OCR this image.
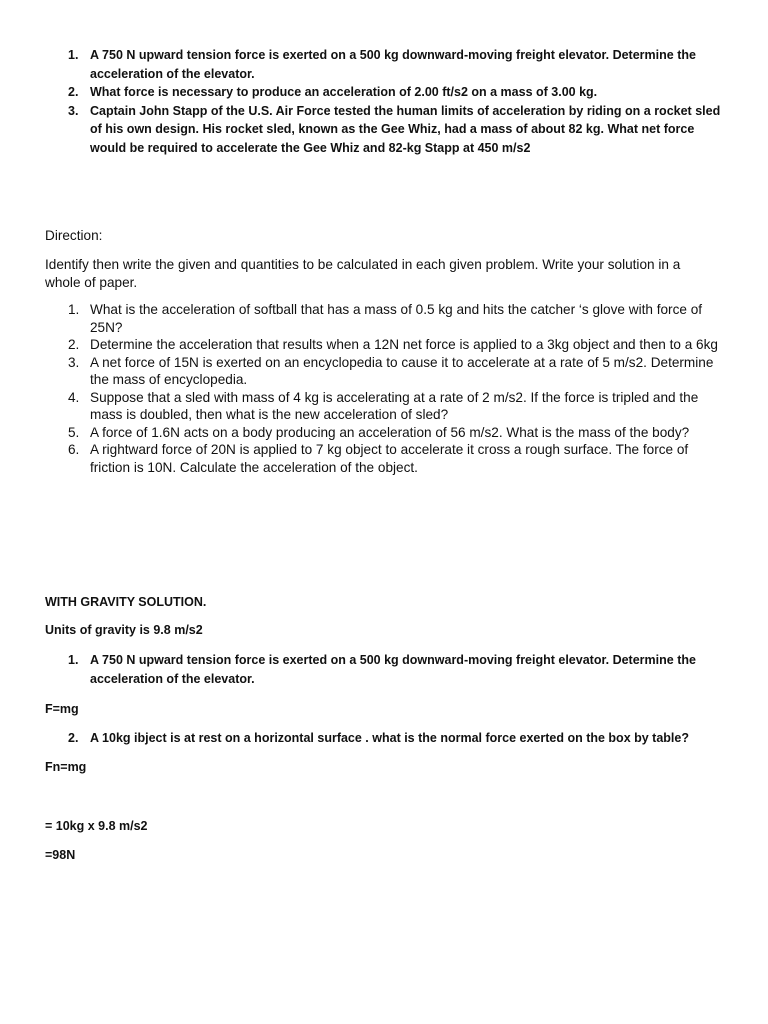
1. A 750 N upward tension force is exerted on a 500 kg downward-moving freight elevator. Determine the acceleration of the elevator.
2. What force is necessary to produce an acceleration of 2.00 ft/s2 on a mass of 3.00 kg.
3. Captain John Stapp of the U.S. Air Force tested the human limits of acceleration by riding on a rocket sled of his own design. His rocket sled, known as the Gee Whiz, had a mass of about 82 kg. What net force would be required to accelerate the Gee Whiz and 82-kg Stapp at 450 m/s2
Direction:
Identify then write the given and quantities to be calculated in each given problem. Write your solution in a whole of paper.
1. What is the acceleration of softball that has a mass of 0.5 kg and hits the catcher ‘s glove with force of 25N?
2. Determine the acceleration that results when a 12N net force is applied to a 3kg object and then to a 6kg
3. A net force of 15N is exerted on an encyclopedia to cause it to accelerate at a rate of 5 m/s2. Determine the mass of encyclopedia.
4. Suppose that a sled with mass of 4 kg is accelerating at a rate of 2 m/s2. If the force is tripled and the mass is doubled, then what is the new acceleration of sled?
5. A force of 1.6N acts on a body producing an acceleration of 56 m/s2. What is the mass of the body?
6. A rightward force of 20N is applied to 7 kg object to accelerate it cross a rough surface. The force of friction is 10N. Calculate the acceleration of the object.
WITH GRAVITY SOLUTION.
Units of gravity is 9.8 m/s2
1. A 750 N upward tension force is exerted on a 500 kg downward-moving freight elevator. Determine the acceleration of the elevator.
F=mg
2. A 10kg ibject is at rest on a horizontal surface . what is the normal force exerted on the box by table?
Fn=mg
= 10kg x 9.8 m/s2
=98N
